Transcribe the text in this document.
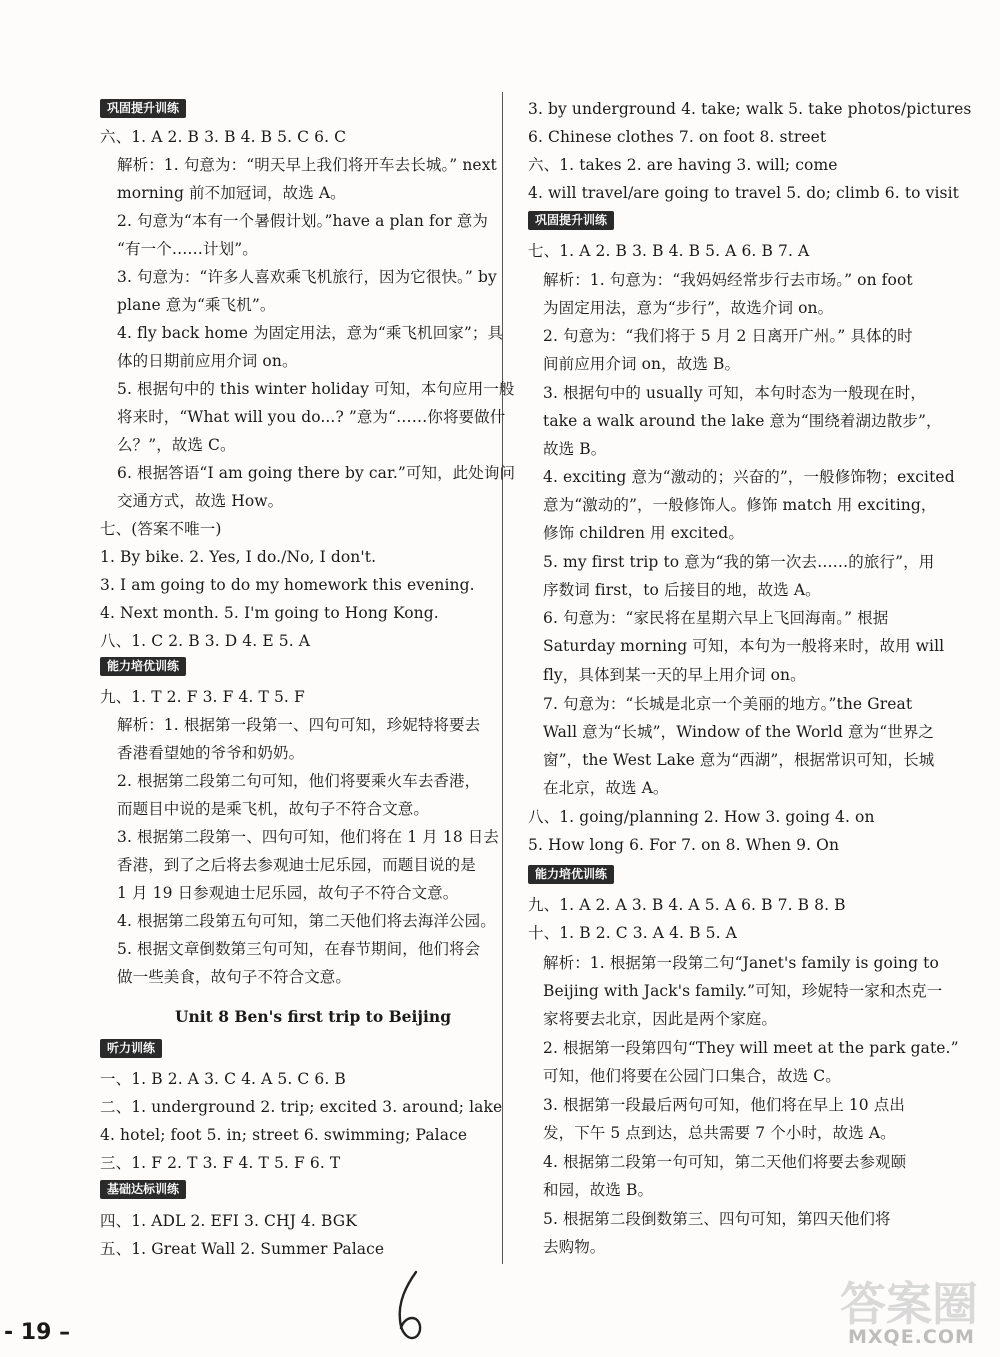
巩固提升训练
六、1. A 2. B 3. B 4. B 5. C 6. C
解析：1. 句意为：“明天早上我们将开车去长城。” next
morning 前不加冠词，故选 A。
2. 句意为“本有一个暑假计划。”have a plan for 意为
“有一个……计划”。
3. 句意为：“许多人喜欢乘飞机旅行，因为它很快。” by
plane 意为“乘飞机”。
4. fly back home 为固定用法，意为“乘飞机回家”；具
体的日期前应用介词 on。
5. 根据句中的 this winter holiday 可知，本句应用一般
将来时，“What will you do...? ”意为“……你将要做什
么？”，故选 C。
6. 根据答语“I am going there by car.”可知，此处询问
交通方式，故选 How。
七、(答案不唯一)
1. By bike. 2. Yes, I do./No, I don't.
3. I am going to do my homework this evening.
4. Next month. 5. I'm going to Hong Kong.
八、1. C 2. B 3. D 4. E 5. A
能力培优训练
九、1. T 2. F 3. F 4. T 5. F
解析：1. 根据第一段第一、四句可知，珍妮特将要去
香港看望她的爷爷和奶奶。
2. 根据第二段第二句可知，他们将要乘火车去香港，
而题目中说的是乘飞机，故句子不符合文意。
3. 根据第二段第一、四句可知，他们将在 1 月 18 日去
香港，到了之后将去参观迪士尼乐园，而题目说的是
1 月 19 日参观迪士尼乐园，故句子不符合文意。
4. 根据第二段第五句可知，第二天他们将去海洋公园。
5. 根据文章倒数第三句可知，在春节期间，他们将会
做一些美食，故句子不符合文意。
Unit 8 Ben's first trip to Beijing
听力训练
一、1. B 2. A 3. C 4. A 5. C 6. B
二、1. underground 2. trip; excited 3. around; lake
4. hotel; foot 5. in; street 6. swimming; Palace
三、1. F 2. T 3. F 4. T 5. F 6. T
基础达标训练
四、1. ADL 2. EFI 3. CHJ 4. BGK
五、1. Great Wall 2. Summer Palace
3. by underground 4. take; walk 5. take photos/pictures
6. Chinese clothes 7. on foot 8. street
六、1. takes 2. are having 3. will; come
4. will travel/are going to travel 5. do; climb 6. to visit
巩固提升训练
七、1. A 2. B 3. B 4. B 5. A 6. B 7. A
解析：1. 句意为：“我妈妈经常步行去市场。” on foot
为固定用法，意为“步行”，故选介词 on。
2. 句意为：“我们将于 5 月 2 日离开广州。” 具体的时
间前应用介词 on，故选 B。
3. 根据句中的 usually 可知，本句时态为一般现在时，
take a walk around the lake 意为“围绕着湖边散步”，
故选 B。
4. exciting 意为“激动的；兴奋的”，一般修饰物；excited
意为“激动的”，一般修饰人。修饰 match 用 exciting，
修饰 children 用 excited。
5. my first trip to 意为“我的第一次去……的旅行”，用
序数词 first，to 后接目的地，故选 A。
6. 句意为：“家民将在星期六早上飞回海南。” 根据
Saturday morning 可知，本句为一般将来时，故用 will
fly，具体到某一天的早上用介词 on。
7. 句意为：“长城是北京一个美丽的地方。”the Great
Wall 意为“长城”，Window of the World 意为“世界之
窗”，the West Lake 意为“西湖”，根据常识可知，长城
在北京，故选 A。
八、1. going/planning 2. How 3. going 4. on
5. How long 6. For 7. on 8. When 9. On
能力培优训练
九、1. A 2. A 3. B 4. A 5. A 6. B 7. B 8. B
十、1. B 2. C 3. A 4. B 5. A
解析：1. 根据第一段第二句“Janet's family is going to
Beijing with Jack's family.”可知，珍妮特一家和杰克一
家将要去北京，因此是两个家庭。
2. 根据第一段第四句“They will meet at the park gate.”
可知，他们将要在公园门口集合，故选 C。
3. 根据第一段最后两句可知，他们将在早上 10 点出
发，下午 5 点到达，总共需要 7 个小时，故选 A。
4. 根据第二段第一句可知，第二天他们将要去参观颐
和园，故选 B。
5. 根据第二段倒数第三、四句可知，第四天他们将
去购物。
- 19 –
答案圈
MXQE.COM
